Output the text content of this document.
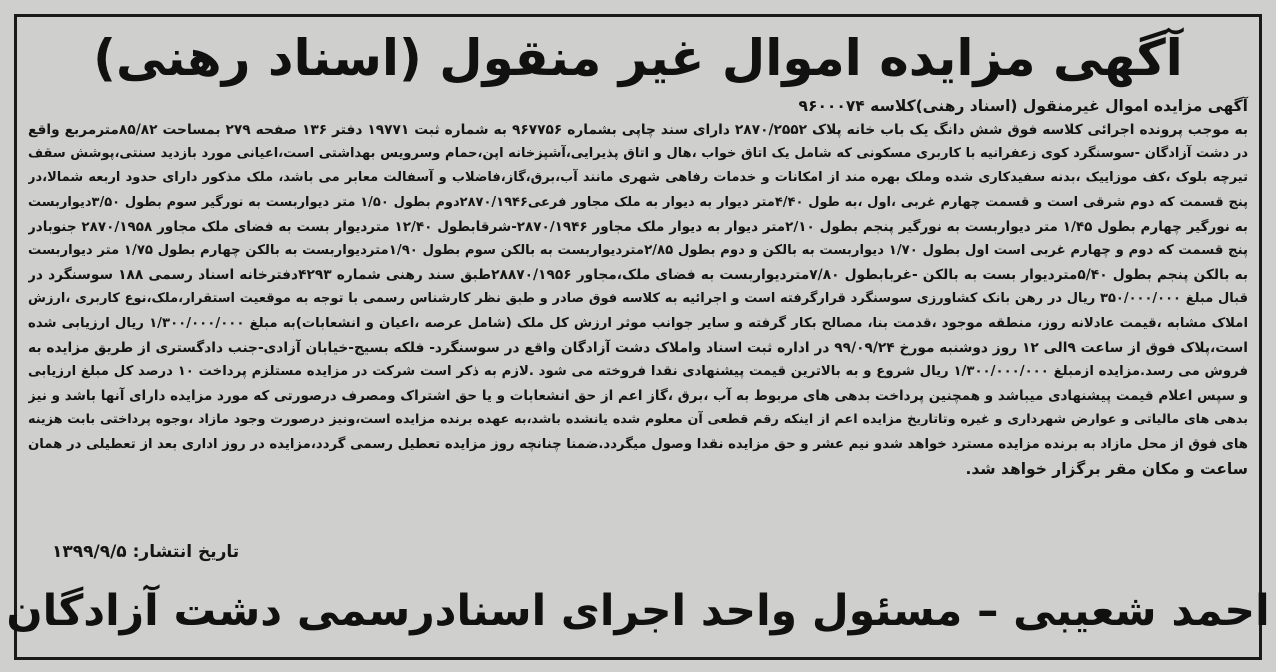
آگهی مزایده اموال غیر منقول (اسناد رهنی)
آگهی مزایده اموال غیرمنقول (اسناد رهنی)کلاسه ۹۶۰۰۰۷۴
به موجب پرونده اجرائی کلاسه فوق شش دانگ یک باب خانه پلاک ۲۸۷۰/۲۵۵۲ دارای سند چاپی بشماره ۹۶۷۷۵۶ به شماره ثبت ۱۹۷۷۱ دفتر ۱۳۶ صفحه ۲۷۹ بمساحت ۸۵/۸۲مترمربع واقع
در دشت آزادگان -سوسنگرد کوی زعفرانیه با کاربری مسکونی که شامل یک اتاق خواب ،هال و اتاق پذیرایی،آشپزخانه اپن،حمام وسرویس بهداشتی است،اعیانی مورد بازدید سنتی،پوشش سقف
تیرچه بلوک ،کف موزاییک ،بدنه سفیدکاری شده وملک بهره مند از امکانات و خدمات رفاهی شهری مانند آب،برق،گاز،فاضلاب و آسفالت معابر می باشد، ملک مذکور دارای حدود اربعه شمالا،در
پنج قسمت که دوم شرقی است و قسمت چهارم غربی ،اول ،به طول ۴/۴۰متر دیوار به دیوار به ملک مجاور فرعی۲۸۷۰/۱۹۴۶دوم بطول ۱/۵۰ متر دیواربست به نورگیر سوم بطول ۳/۵۰دیواربست
به نورگیر چهارم بطول ۱/۴۵ متر دیواربست به نورگیر پنجم بطول ۲/۱۰متر دیوار به دیوار ملک مجاور ۲۸۷۰/۱۹۴۶-شرقابطول ۱۲/۴۰ متردیوار بست به فضای ملک مجاور ۲۸۷۰/۱۹۵۸ جنوبادر
پنج قسمت که دوم و چهارم غربی است اول بطول ۱/۷۰ دیواربست به بالکن و دوم بطول ۲/۸۵متردیواربست به بالکن سوم بطول ۱/۹۰متردیواربست به بالکن چهارم بطول ۱/۷۵ متر دیواربست
به بالکن پنجم بطول ۵/۴۰متردیوار بست به بالکن -غربابطول ۷/۸۰متردیواربست به فضای ملک،مجاور ۲۸۸۷۰/۱۹۵۶طبق سند رهنی شماره ۴۲۹۳دفترخانه اسناد رسمی ۱۸۸ سوسنگرد در
قبال مبلغ ۳۵۰/۰۰۰/۰۰۰ ریال در رهن بانک کشاورزی سوسنگرد قرارگرفته است و اجرائیه به کلاسه فوق صادر و طبق نظر کارشناس رسمی با توجه به موقعیت استقرار،ملک،نوع کاربری ،ارزش
املاک مشابه ،قیمت عادلانه روز، منطقه موجود ،قدمت بنا، مصالح بکار گرفته و سایر جوانب موثر ارزش کل ملک (شامل عرصه ،اعیان و انشعابات)به مبلغ ۱/۳۰۰/۰۰۰/۰۰۰ ریال ارزیابی شده
است،پلاک فوق از ساعت ۹الی ۱۲ روز دوشنبه مورخ ۹۹/۰۹/۲۴ در اداره ثبت اسناد واملاک دشت آزادگان واقع در سوسنگرد- فلکه بسیج-خیابان آزادی-جنب دادگستری از طریق مزایده به
فروش می رسد.مزایده ازمبلغ ۱/۳۰۰/۰۰۰/۰۰۰ ریال شروع و به بالاترین قیمت پیشنهادی نقدا فروخته می شود .لازم به ذکر است شرکت در مزایده مستلزم پرداخت ۱۰ درصد کل مبلغ ارزیابی
و سپس اعلام قیمت پیشنهادی میباشد و همچنین پرداخت بدهی های مربوط به آب ،برق ،گاز اعم از حق انشعابات و یا حق اشتراک ومصرف درصورتی که مورد مزایده دارای آنها باشد و نیز
بدهی های مالیاتی و عوارض شهرداری و غیره وتاتاریخ مزایده اعم از اینکه رقم قطعی آن معلوم شده یانشده باشد،به عهده برنده مزایده است،ونیز درصورت وجود مازاد ،وجوه پرداختی بابت هزینه
های فوق از محل مازاد به برنده مزایده مسترد خواهد شدو نیم عشر و حق مزایده نقدا وصول میگردد.ضمنا چنانچه روز مزایده تعطیل رسمی گردد،مزایده در روز اداری بعد از تعطیلی در همان
ساعت و مکان مقر برگزار خواهد شد.
تاریخ انتشار: ۱۳۹۹/۹/۵
احمد شعیبی – مسئول واحد اجرای اسنادرسمی دشت آزادگان
